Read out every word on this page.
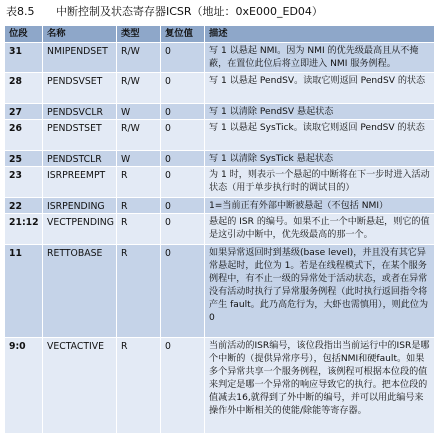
表8.5 中断控制及状态寄存器ICSR（地址：0xE000_ED04）
位段	名称	类型	复位值	描述
31	NMIPENDSET	R/W	0	写 1 以悬起 NMI。因为 NMI 的优先级最高且从不掩蔽，在置位此位后将立即进入 NMI 服务例程。
28	PENDSVSET	R/W	0	写 1 以悬起 PendSV。读取它则返回 PendSV 的状态
27	PENDSVCLR	W	0	写 1 以清除 PendSV 悬起状态
26	PENDSTSET	R/W	0	写 1 以悬起 SysTick。读取它则返回 PendSV 的状态
25	PENDSTCLR	W	0	写 1 以清除 SysTick 悬起状态
23	ISRPREEMPT	R	0	为 1 时，则表示一个悬起的中断将在下一步时进入活动状态（用于单步执行时的调试目的）
22	ISRPENDING	R	0	1=当前正有外部中断被悬起（不包括 NMI）
21:12	VECTPENDING	R	0	悬起的 ISR 的编号。如果不止一个中断悬起，则它的值是这引动中断中，优先级最高的那一个。
11	RETTOBASE	R	0	如果异常返回时到基级(base level)，并且没有其它异常悬起时，此位为 1。若是在线程模式下，在某个服务例程中，有不止一级的异常处于活动状态，或者在异常没有活动时执行了异常服务例程（此时执行返回指令将产生 fault。此乃高危行为，大虾也需慎用），则此位为 0
9:0	VECTACTIVE	R	0	当前活动的ISR编号，该位段指出当前运行中的ISR是哪个中断的（提供异常序号），包括NMI和硬fault。如果多个异常共享一个服务例程，该例程可根据本位段的值来判定是哪一个异常的响应导致它的执行。把本位段的值减去16,就得到了外中断的编号，并可以用此编号来操作外中断相关的使能/除能等寄存器。
